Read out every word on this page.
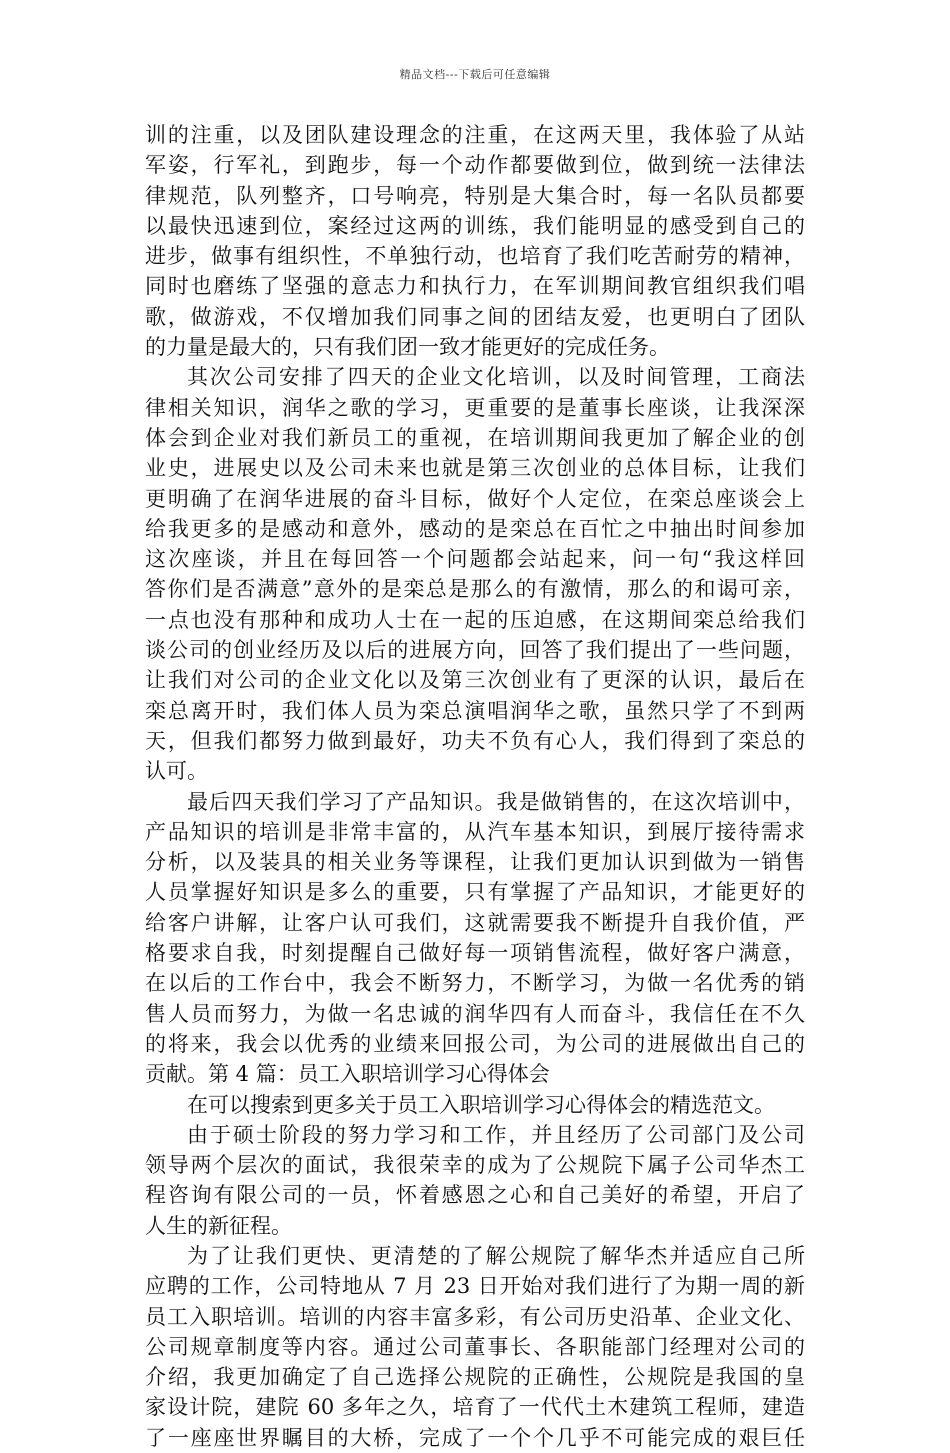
精品文档---下载后可任意编辑
训的注重，以及团队建设理念的注重，在这两天里，我体验了从站
军姿，行军礼，到跑步，每一个动作都要做到位，做到统一法律法
律规范，队列整齐，口号响亮，特别是大集合时，每一名队员都要
以最快迅速到位，案经过这两的训练，我们能明显的感受到自己的
进步，做事有组织性，不单独行动，也培育了我们吃苦耐劳的精神，
同时也磨练了坚强的意志力和执行力，在军训期间教官组织我们唱
歌，做游戏，不仅增加我们同事之间的团结友爱，也更明白了团队
的力量是最大的，只有我们团一致才能更好的完成任务。
其次公司安排了四天的企业文化培训，以及时间管理，工商法
律相关知识，润华之歌的学习，更重要的是董事长座谈，让我深深
体会到企业对我们新员工的重视，在培训期间我更加了解企业的创
业史，进展史以及公司未来也就是第三次创业的总体目标，让我们
更明确了在润华进展的奋斗目标，做好个人定位，在栾总座谈会上
给我更多的是感动和意外，感动的是栾总在百忙之中抽出时间参加
这次座谈，并且在每回答一个问题都会站起来，问一句“我这样回
答你们是否满意”意外的是栾总是那么的有激情，那么的和谒可亲，
一点也没有那种和成功人士在一起的压迫感，在这期间栾总给我们
谈公司的创业经历及以后的进展方向，回答了我们提出了一些问题，
让我们对公司的企业文化以及第三次创业有了更深的认识，最后在
栾总离开时，我们体人员为栾总演唱润华之歌，虽然只学了不到两
天，但我们都努力做到最好，功夫不负有心人，我们得到了栾总的
认可。
最后四天我们学习了产品知识。我是做销售的，在这次培训中，
产品知识的培训是非常丰富的，从汽车基本知识，到展厅接待需求
分析，以及装具的相关业务等课程，让我们更加认识到做为一销售
人员掌握好知识是多么的重要，只有掌握了产品知识，才能更好的
给客户讲解，让客户认可我们，这就需要我不断提升自我价值，严
格要求自我，时刻提醒自己做好每一项销售流程，做好客户满意，
在以后的工作台中，我会不断努力，不断学习，为做一名优秀的销
售人员而努力，为做一名忠诚的润华四有人而奋斗，我信任在不久
的将来，我会以优秀的业绩来回报公司，为公司的进展做出自己的
贡献。第 4 篇：员工入职培训学习心得体会
在可以搜索到更多关于员工入职培训学习心得体会的精选范文。
由于硕士阶段的努力学习和工作，并且经历了公司部门及公司
领导两个层次的面试，我很荣幸的成为了公规院下属子公司华杰工
程咨询有限公司的一员，怀着感恩之心和自己美好的希望，开启了
人生的新征程。
为了让我们更快、更清楚的了解公规院了解华杰并适应自己所
应聘的工作，公司特地从 7 月 23 日开始对我们进行了为期一周的新
员工入职培训。培训的内容丰富多彩，有公司历史沿革、企业文化、
公司规章制度等内容。通过公司董事长、各职能部门经理对公司的
介绍，我更加确定了自己选择公规院的正确性，公规院是我国的皇
家设计院，建院 60 多年之久，培育了一代代土木建筑工程师，建造
了一座座世界瞩目的大桥，完成了一个个几乎不可能完成的艰巨任
